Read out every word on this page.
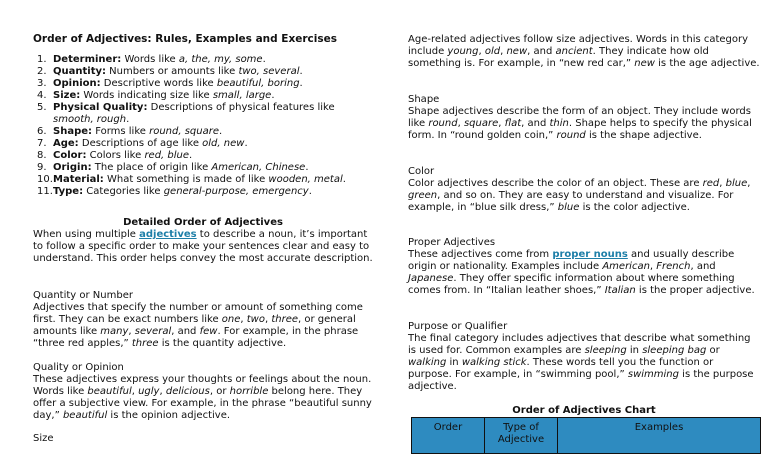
Order of Adjectives: Rules, Examples and Exercises
1. Determiner: Words like a, the, my, some.
2. Quantity: Numbers or amounts like two, several.
3. Opinion: Descriptive words like beautiful, boring.
4. Size: Words indicating size like small, large.
5. Physical Quality: Descriptions of physical features like smooth, rough.
6. Shape: Forms like round, square.
7. Age: Descriptions of age like old, new.
8. Color: Colors like red, blue.
9. Origin: The place of origin like American, Chinese.
10. Material: What something is made of like wooden, metal.
11. Type: Categories like general-purpose, emergency.
Detailed Order of Adjectives

When using multiple adjectives to describe a noun, it’s important to follow a specific order to make your sentences clear and easy to understand. This order helps convey the most accurate description.

Quantity or Number

Adjectives that specify the number or amount of something come first. They can be exact numbers like one, two, three, or general amounts like many, several, and few. For example, in the phrase “three red apples,” three is the quantity adjective.

Quality or Opinion

These adjectives express your thoughts or feelings about the noun. Words like beautiful, ugly, delicious, or horrible belong here. They offer a subjective view. For example, in the phrase “beautiful sunny day,” beautiful is the opinion adjective.

Size

Age-related adjectives follow size adjectives. Words in this category include young, old, new, and ancient. They indicate how old something is. For example, in “new red car,” new is the age adjective.

Shape

Shape adjectives describe the form of an object. They include words like round, square, flat, and thin. Shape helps to specify the physical form. In “round golden coin,” round is the shape adjective.

Color

Color adjectives describe the color of an object. These are red, blue, green, and so on. They are easy to understand and visualize. For example, in “blue silk dress,” blue is the color adjective.

Proper Adjectives

These adjectives come from proper nouns and usually describe origin or nationality. Examples include American, French, and Japanese. They offer specific information about where something comes from. In “Italian leather shoes,” Italian is the proper adjective.

Purpose or Qualifier

The final category includes adjectives that describe what something is used for. Common examples are sleeping in sleeping bag or walking in walking stick. These words tell you the function or purpose. For example, in “swimming pool,” swimming is the purpose adjective.

Order of Adjectives Chart
Order	Type of Adjective	Examples
